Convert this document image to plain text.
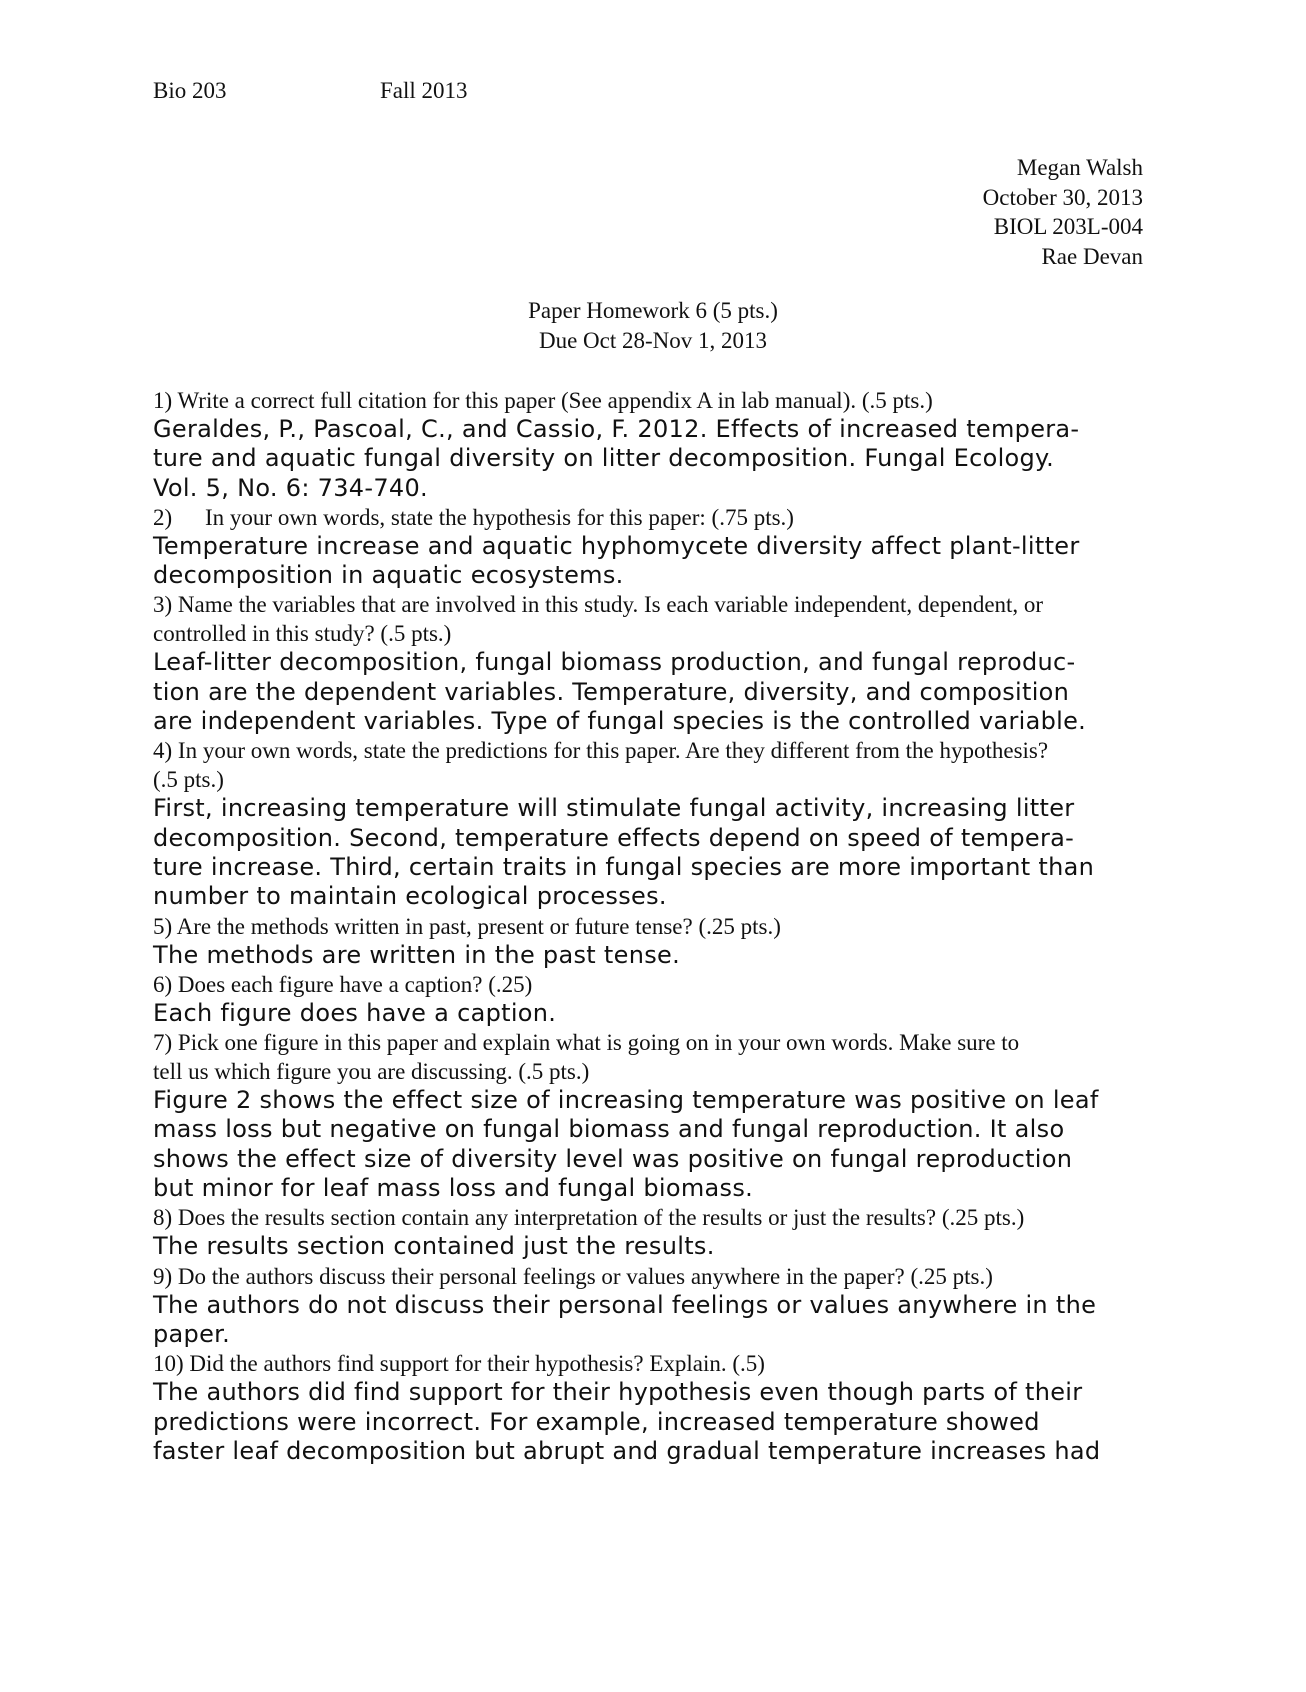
Bio 203	Fall 2013
Megan Walsh
October 30, 2013
BIOL 203L-004
Rae Devan
Paper Homework 6 (5 pts.)
Due Oct 28-Nov 1, 2013
1) Write a correct full citation for this paper (See appendix A in lab manual). (.5 pts.)
Geraldes, P., Pascoal, C., and Cassio, F. 2012. Effects of increased tempera-
ture and aquatic fungal diversity on litter decomposition. Fungal Ecology.
Vol. 5, No. 6: 734-740.
2) In your own words, state the hypothesis for this paper: (.75 pts.)
Temperature increase and aquatic hyphomycete diversity affect plant-litter
decomposition in aquatic ecosystems.
3) Name the variables that are involved in this study. Is each variable independent, dependent, or
controlled in this study? (.5 pts.)
Leaf-litter decomposition, fungal biomass production, and fungal reproduc-
tion are the dependent variables. Temperature, diversity, and composition
are independent variables. Type of fungal species is the controlled variable.
4) In your own words, state the predictions for this paper. Are they different from the hypothesis?
(.5 pts.)
First, increasing temperature will stimulate fungal activity, increasing litter
decomposition. Second, temperature effects depend on speed of tempera-
ture increase. Third, certain traits in fungal species are more important than
number to maintain ecological processes.
5) Are the methods written in past, present or future tense? (.25 pts.)
The methods are written in the past tense.
6) Does each figure have a caption? (.25)
Each figure does have a caption.
7) Pick one figure in this paper and explain what is going on in your own words. Make sure to
tell us which figure you are discussing. (.5 pts.)
Figure 2 shows the effect size of increasing temperature was positive on leaf
mass loss but negative on fungal biomass and fungal reproduction. It also
shows the effect size of diversity level was positive on fungal reproduction
but minor for leaf mass loss and fungal biomass.
8) Does the results section contain any interpretation of the results or just the results? (.25 pts.)
The results section contained just the results.
9) Do the authors discuss their personal feelings or values anywhere in the paper? (.25 pts.)
The authors do not discuss their personal feelings or values anywhere in the
paper.
10) Did the authors find support for their hypothesis? Explain. (.5)
The authors did find support for their hypothesis even though parts of their
predictions were incorrect. For example, increased temperature showed
faster leaf decomposition but abrupt and gradual temperature increases had
